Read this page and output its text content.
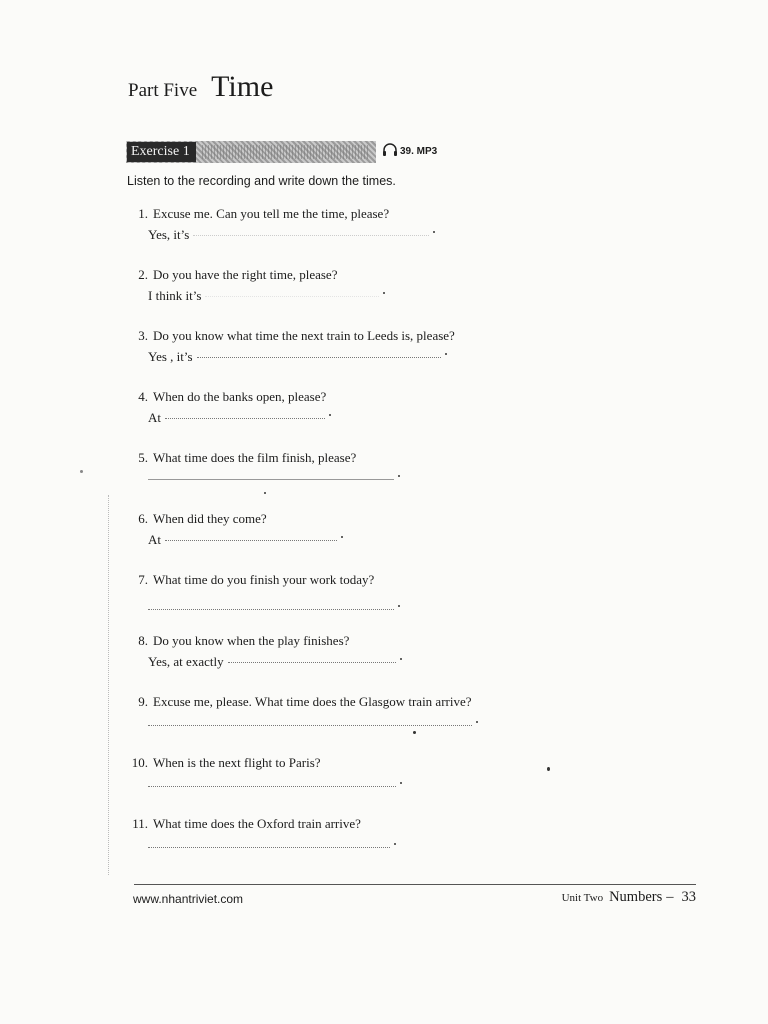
Part Five Time
Exercise 1	39. MP3
Listen to the recording and write down the times.
1. Excuse me. Can you tell me the time, please?
Yes, it’s
2. Do you have the right time, please?
I think it’s
3. Do you know what time the next train to Leeds is, please?
Yes , it’s
4. When do the banks open, please?
At
5. What time does the film finish, please?
6. When did they come?
At
7. What time do you finish your work today?
8. Do you know when the play finishes?
Yes, at exactly
9. Excuse me, please. What time does the Glasgow train arrive?
10. When is the next flight to Paris?
11. What time does the Oxford train arrive?
www.nhantriviet.com	Unit Two Numbers – 33
